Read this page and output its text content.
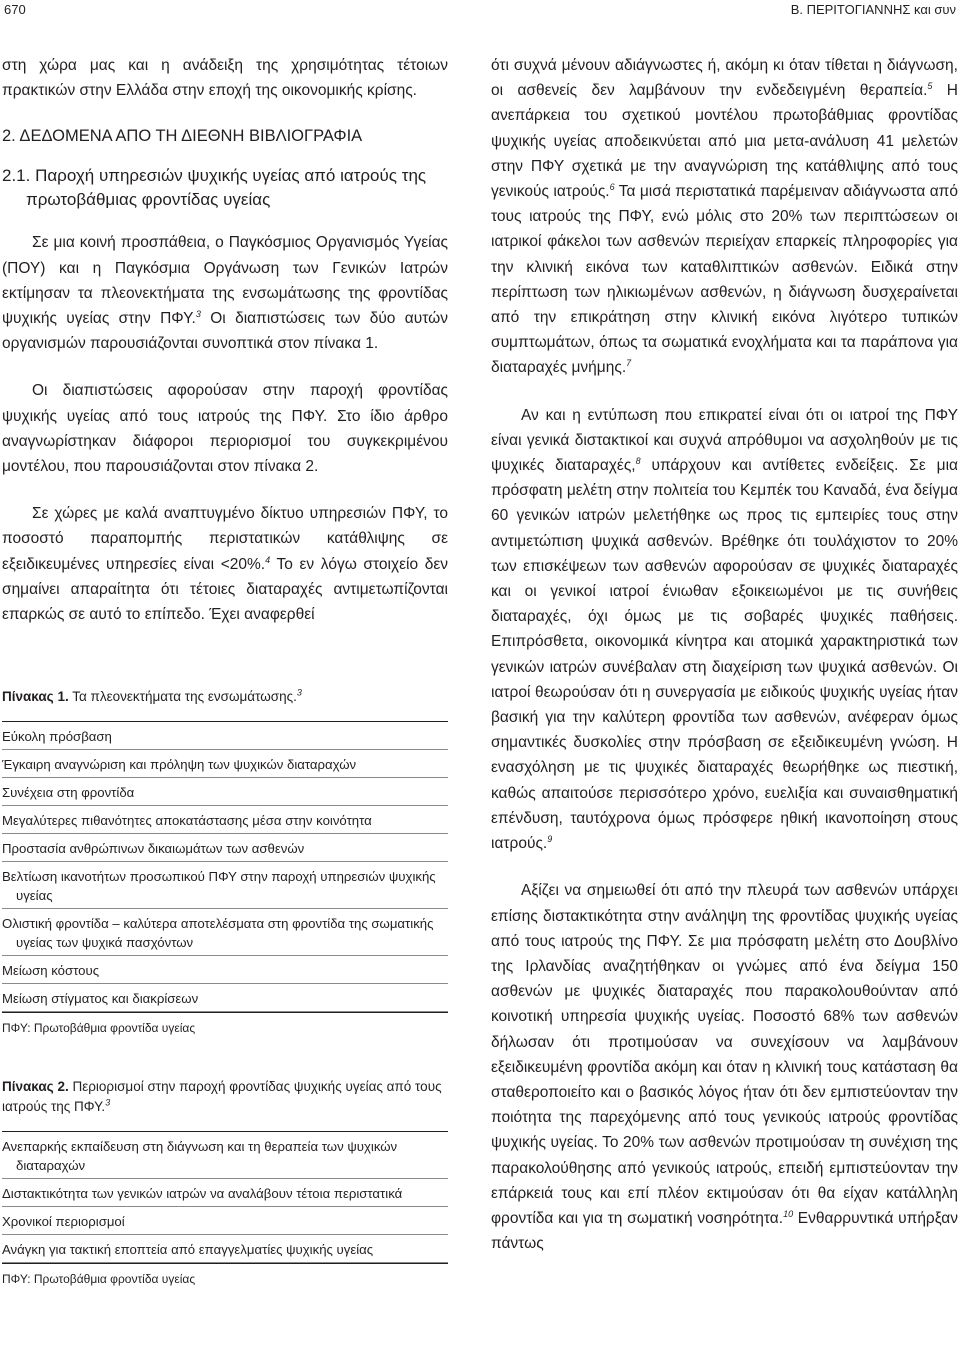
670	Β. ΠΕΡΙΤΟΓΙΑΝΝΗΣ και συν

στη χώρα μας και η ανάδειξη της χρησιμότητας τέτοιων πρακτικών στην Ελλάδα στην εποχή της οικονομικής κρίσης.

2. ΔΕΔΟΜΕΝΑ ΑΠΟ ΤΗ ΔΙΕΘΝΗ ΒΙΒΛΙΟΓΡΑΦΙΑ
2.1. Παροχή υπηρεσιών ψυχικής υγείας από ιατρούς της πρωτοβάθμιας φροντίδας υγείας

Σε μια κοινή προσπάθεια, ο Παγκόσμιος Οργανισμός Υγείας (ΠΟΥ) και η Παγκόσμια Οργάνωση των Γενικών Ιατρών εκτίμησαν τα πλεονεκτήματα της ενσωμάτωσης της φροντίδας ψυχικής υγείας στην ΠΦΥ.$^3$ Οι διαπιστώσεις των δύο αυτών οργανισμών παρουσιάζονται συνοπτικά στον πίνακα 1.

Οι διαπιστώσεις αφορούσαν στην παροχή φροντίδας ψυχικής υγείας από τους ιατρούς της ΠΦΥ. Στο ίδιο άρθρο αναγνωρίστηκαν διάφοροι περιορισμοί του συγκεκριμένου μοντέλου, που παρουσιάζονται στον πίνακα 2.

Σε χώρες με καλά αναπτυγμένο δίκτυο υπηρεσιών ΠΦΥ, το ποσοστό παραπομπής περιστατικών κατάθλιψης σε εξειδικευμένες υπηρεσίες είναι <20%.$^4$ Το εν λόγω στοιχείο δεν σημαίνει απαραίτητα ότι τέτοιες διαταραχές αντιμετωπίζονται επαρκώς σε αυτό το επίπεδο. Έχει αναφερθεί

Πίνακας 1. Τα πλεονεκτήματα της ενσωμάτωσης.$^3$
Εύκολη πρόσβαση
Έγκαιρη αναγνώριση και πρόληψη των ψυχικών διαταραχών
Συνέχεια στη φροντίδα
Μεγαλύτερες πιθανότητες αποκατάστασης μέσα στην κοινότητα
Προστασία ανθρώπινων δικαιωμάτων των ασθενών
Βελτίωση ικανοτήτων προσωπικού ΠΦΥ στην παροχή υπηρεσιών ψυχικής υγείας
Ολιστική φροντίδα – καλύτερα αποτελέσματα στη φροντίδα της σωματικής υγείας των ψυχικά πασχόντων
Μείωση κόστους
Μείωση στίγματος και διακρίσεων
ΠΦΥ: Πρωτοβάθμια φροντίδα υγείας
Πίνακας 2. Περιορισμοί στην παροχή φροντίδας ψυχικής υγείας από τους ιατρούς της ΠΦΥ.$^3$
Ανεπαρκής εκπαίδευση στη διάγνωση και τη θεραπεία των ψυχικών διαταραχών
Διστακτικότητα των γενικών ιατρών να αναλάβουν τέτοια περιστατικά
Χρονικοί περιορισμοί
Ανάγκη για τακτική εποπτεία από επαγγελματίες ψυχικής υγείας
ΠΦΥ: Πρωτοβάθμια φροντίδα υγείας

ότι συχνά μένουν αδιάγνωστες ή, ακόμη κι όταν τίθεται η διάγνωση, οι ασθενείς δεν λαμβάνουν την ενδεδειγμένη θεραπεία.$^5$ Η ανεπάρκεια του σχετικού μοντέλου πρωτοβάθμιας φροντίδας ψυχικής υγείας αποδεικνύεται από μια μετα-ανάλυση 41 μελετών στην ΠΦΥ σχετικά με την αναγνώριση της κατάθλιψης από τους γενικούς ιατρούς.$^6$ Τα μισά περιστατικά παρέμειναν αδιάγνωστα από τους ιατρούς της ΠΦΥ, ενώ μόλις στο 20% των περιπτώσεων οι ιατρικοί φάκελοι των ασθενών περιείχαν επαρκείς πληροφορίες για την κλινική εικόνα των καταθλιπτικών ασθενών. Ειδικά στην περίπτωση των ηλικιωμένων ασθενών, η διάγνωση δυσχεραίνεται από την επικράτηση στην κλινική εικόνα λιγότερο τυπικών συμπτωμάτων, όπως τα σωματικά ενοχλήματα και τα παράπονα για διαταραχές μνήμης.$^7$

Αν και η εντύπωση που επικρατεί είναι ότι οι ιατροί της ΠΦΥ είναι γενικά διστακτικοί και συχνά απρόθυμοι να ασχοληθούν με τις ψυχικές διαταραχές,$^8$ υπάρχουν και αντίθετες ενδείξεις. Σε μια πρόσφατη μελέτη στην πολιτεία του Κεμπέκ του Καναδά, ένα δείγμα 60 γενικών ιατρών μελετήθηκε ως προς τις εμπειρίες τους στην αντιμετώπιση ψυχικά ασθενών. Βρέθηκε ότι τουλάχιστον το 20% των επισκέψεων των ασθενών αφορούσαν σε ψυχικές διαταραχές και οι γενικοί ιατροί ένιωθαν εξοικειωμένοι με τις συνήθεις διαταραχές, όχι όμως με τις σοβαρές ψυχικές παθήσεις. Επιπρόσθετα, οικονομικά κίνητρα και ατομικά χαρακτηριστικά των γενικών ιατρών συνέβαλαν στη διαχείριση των ψυχικά ασθενών. Οι ιατροί θεωρούσαν ότι η συνεργασία με ειδικούς ψυχικής υγείας ήταν βασική για την καλύτερη φροντίδα των ασθενών, ανέφεραν όμως σημαντικές δυσκολίες στην πρόσβαση σε εξειδικευμένη γνώση. Η ενασχόληση με τις ψυχικές διαταραχές θεωρήθηκε ως πιεστική, καθώς απαιτούσε περισσότερο χρόνο, ευελιξία και συναισθηματική επένδυση, ταυτόχρονα όμως πρόσφερε ηθική ικανοποίηση στους ιατρούς.$^9$

Αξίζει να σημειωθεί ότι από την πλευρά των ασθενών υπάρχει επίσης διστακτικότητα στην ανάληψη της φροντίδας ψυχικής υγείας από τους ιατρούς της ΠΦΥ. Σε μια πρόσφατη μελέτη στο Δουβλίνο της Ιρλανδίας αναζητήθηκαν οι γνώμες από ένα δείγμα 150 ασθενών με ψυχικές διαταραχές που παρακολουθούνταν από κοινοτική υπηρεσία ψυχικής υγείας. Ποσοστό 68% των ασθενών δήλωσαν ότι προτιμούσαν να συνεχίσουν να λαμβάνουν εξειδικευμένη φροντίδα ακόμη και όταν η κλινική τους κατάσταση θα σταθεροποιείτο και ο βασικός λόγος ήταν ότι δεν εμπιστεύονταν την ποιότητα της παρεχόμενης από τους γενικούς ιατρούς φροντίδας ψυχικής υγείας. Το 20% των ασθενών προτιμούσαν τη συνέχιση της παρακολούθησης από γενικούς ιατρούς, επειδή εμπιστεύονταν την επάρκειά τους και επί πλέον εκτιμούσαν ότι θα είχαν κατάλληλη φροντίδα και για τη σωματική νοσηρότητα.$^{10}$ Ενθαρρυντικά υπήρξαν πάντως
